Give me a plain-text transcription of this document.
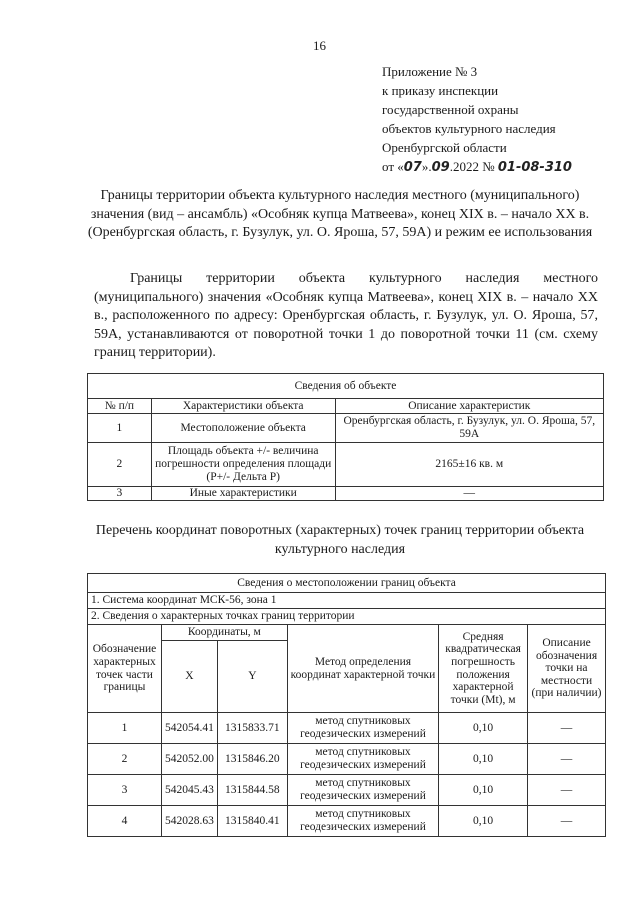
16
Приложение № 3
к приказу инспекции
государственной охраны
объектов культурного наследия
Оренбургской области
от «07».09.2022 № 01-08-310
Границы территории объекта культурного наследия местного (муниципального) значения (вид – ансамбль) «Особняк купца Матвеева», конец XIX в. – начало XX в. (Оренбургская область, г. Бузулук, ул. О. Яроша, 57, 59А) и режим ее использования
Границы территории объекта культурного наследия местного (муниципального) значения «Особняк купца Матвеева», конец XIX в. – начало XX в., расположенного по адресу: Оренбургская область, г. Бузулук, ул. О. Яроша, 57, 59А, устанавливаются от поворотной точки 1 до поворотной точки 11 (см. схему границ территории).
Сведения об объекте		
№ п/п	Характеристики объекта	Описание характеристик
1	Местоположение объекта	Оренбургская область, г. Бузулук, ул. О. Яроша, 57, 59А
2	Площадь объекта +/- величина погрешности определения площади (P+/- Дельта P)	2165±16 кв. м
3	Иные характеристики	—
Перечень координат поворотных (характерных) точек границ территории объекта культурного наследия
Сведения о местоположении границ объекта					
1. Система координат МСК-56, зона 1					
2. Сведения о характерных точках границ территории					
Обозначение характерных точек части границы	Координаты, м		Метод определения координат характерной точки	Средняя квадратическая погрешность положения характерной точки (Mt), м	Описание обозначения точки на местности (при наличии)
	X	Y			
1	542054.41	1315833.71	метод спутниковых геодезических измерений	0,10	—
2	542052.00	1315846.20	метод спутниковых геодезических измерений	0,10	—
3	542045.43	1315844.58	метод спутниковых геодезических измерений	0,10	—
4	542028.63	1315840.41	метод спутниковых геодезических измерений	0,10	—
